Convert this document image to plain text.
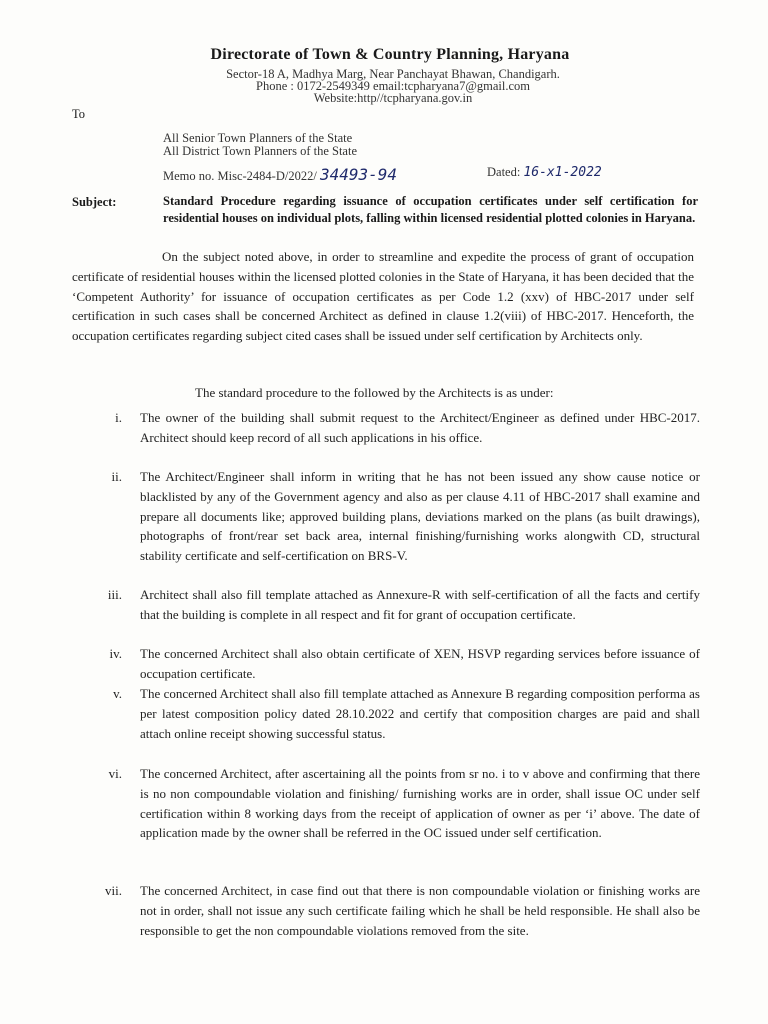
Directorate of Town & Country Planning, Haryana
Sector-18 A, Madhya Marg, Near Panchayat Bhawan, Chandigarh.
Phone : 0172-2549349 email:tcpharyana7@gmail.com
Website:http//tcpharyana.gov.in
To
All Senior Town Planners of the State
All District Town Planners of the State
Memo no. Misc-2484-D/2022/ 34493-94	Dated: 16-x1-2022
Subject:	Standard Procedure regarding issuance of occupation certificates under self certification for residential houses on individual plots, falling within licensed residential plotted colonies in Haryana.
On the subject noted above, in order to streamline and expedite the process of grant of occupation certificate of residential houses within the licensed plotted colonies in the State of Haryana, it has been decided that the ‘Competent Authority’ for issuance of occupation certificates as per Code 1.2 (xxv) of HBC-2017 under self certification in such cases shall be concerned Architect as defined in clause 1.2(viii) of HBC-2017. Henceforth, the occupation certificates regarding subject cited cases shall be issued under self certification by Architects only.
The standard procedure to the followed by the Architects is as under:
i. The owner of the building shall submit request to the Architect/Engineer as defined under HBC-2017. Architect should keep record of all such applications in his office.
ii. The Architect/Engineer shall inform in writing that he has not been issued any show cause notice or blacklisted by any of the Government agency and also as per clause 4.11 of HBC-2017 shall examine and prepare all documents like; approved building plans, deviations marked on the plans (as built drawings), photographs of front/rear set back area, internal finishing/furnishing works alongwith CD, structural stability certificate and self-certification on BRS-V.
iii. Architect shall also fill template attached as Annexure-R with self-certification of all the facts and certify that the building is complete in all respect and fit for grant of occupation certificate.
iv. The concerned Architect shall also obtain certificate of XEN, HSVP regarding services before issuance of occupation certificate.
v. The concerned Architect shall also fill template attached as Annexure B regarding composition performa as per latest composition policy dated 28.10.2022 and certify that composition charges are paid and shall attach online receipt showing successful status.
vi. The concerned Architect, after ascertaining all the points from sr no. i to v above and confirming that there is no non compoundable violation and finishing/ furnishing works are in order, shall issue OC under self certification within 8 working days from the receipt of application of owner as per ‘i’ above. The date of application made by the owner shall be referred in the OC issued under self certification.
vii. The concerned Architect, in case find out that there is non compoundable violation or finishing works are not in order, shall not issue any such certificate failing which he shall be held responsible. He shall also be responsible to get the non compoundable violations removed from the site.
